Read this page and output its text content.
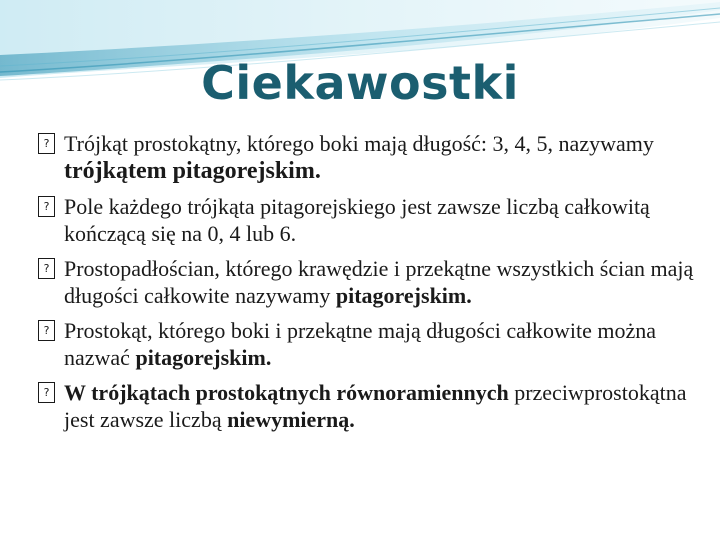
Ciekawostki
? Trójkąt prostokątny, którego boki mają długość: 3, 4, 5, nazywamy trójkątem pitagorejskim.
? Pole każdego trójkąta pitagorejskiego jest zawsze liczbą całkowitą kończącą się na 0, 4 lub 6.
? Prostopadłościan, którego krawędzie i przekątne wszystkich ścian mają długości całkowite nazywamy pitagorejskim.
? Prostokąt, którego boki i przekątne mają długości całkowite można nazwać pitagorejskim.
? W trójkątach prostokątnych równoramiennych przeciwprostokątna jest zawsze liczbą niewymierną.
